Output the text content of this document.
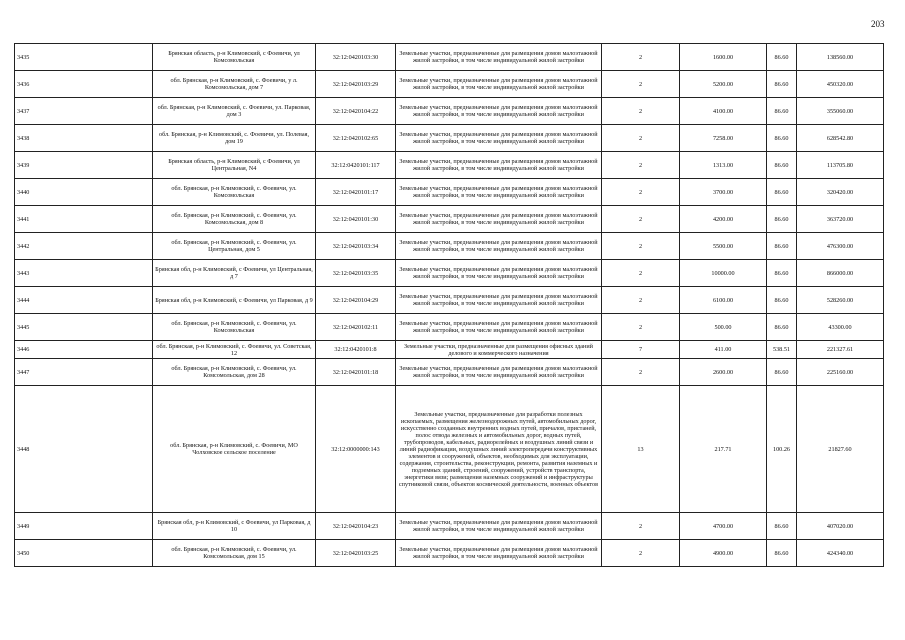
203
3435	Брянская область, р-н Климовский, с Фоевичи, ул Комсомольская	32:12:0420103:30	Земельные участки, предназначенные для размещения домов малоэтажной жилой застройки, в том числе индивидуальной жилой застройки	2	1600.00	86.60	138560.00
3436	обл. Брянская, р-н Климовский, с. Фоевичи, у л. Комсомольская, дом 7	32:12:0420103:29	Земельные участки, предназначенные для размещения домов малоэтажной жилой застройки, в том числе индивидуальной жилой застройки	2	5200.00	86.60	450320.00
3437	обл. Брянская, р-н Климовский, с. Фоевичи, ул. Парковая, дом 3	32:12:0420104:22	Земельные участки, предназначенные для размещения домов малоэтажной жилой застройки, в том числе индивидуальной жилой застройки	2	4100.00	86.60	355060.00
3438	обл. Брянская, р-н Климовский, с. Фоевичи, ул. Полевая, дом 19	32:12:0420102:65	Земельные участки, предназначенные для размещения домов малоэтажной жилой застройки, в том числе индивидуальной жилой застройки	2	7258.00	86.60	628542.80
3439	Брянская область, р-н Климовский, с Фоевичи, ул Центральная, N4	32:12:0420101:117	Земельные участки, предназначенные для размещения домов малоэтажной жилой застройки, в том числе индивидуальной жилой застройки	2	1313.00	86.60	113705.80
3440	обл. Брянская, р-н Климовский, с. Фоевичи, ул. Комсомольская	32:12:0420101:17	Земельные участки, предназначенные для размещения домов малоэтажной жилой застройки, в том числе индивидуальной жилой застройки	2	3700.00	86.60	320420.00
3441	обл. Брянская, р-н Климовский, с. Фоевичи, ул. Комсомольская, дом 8	32:12:0420101:30	Земельные участки, предназначенные для размещения домов малоэтажной жилой застройки, в том числе индивидуальной жилой застройки	2	4200.00	86.60	363720.00
3442	обл. Брянская, р-н Климовский, с. Фоевичи, ул. Центральная, дом 5	32:12:0420103:34	Земельные участки, предназначенные для размещения домов малоэтажной жилой застройки, в том числе индивидуальной жилой застройки	2	5500.00	86.60	476300.00
3443	Брянская обл, р-н Климовский, с Фоевичи, ул Центральная, д 7	32:12:0420103:35	Земельные участки, предназначенные для размещения домов малоэтажной жилой застройки, в том числе индивидуальной жилой застройки	2	10000.00	86.60	866000.00
3444	Брянская обл, р-н Климовский, с Фоевичи, ул Парковая, д 9	32:12:0420104:29	Земельные участки, предназначенные для размещения домов малоэтажной жилой застройки, в том числе индивидуальной жилой застройки	2	6100.00	86.60	528260.00
3445	обл. Брянская, р-н Климовский, с. Фоевичи, ул. Комсомольская	32:12:0420102:11	Земельные участки, предназначенные для размещения домов малоэтажной жилой застройки, в том числе индивидуальной жилой застройки	2	500.00	86.60	43300.00
3446	обл. Брянская, р-н Климовский, с. Фоевичи, ул. Советская, 12	32:12:0420101:8	Земельные участки, предназначенные для размещения офисных зданий делового и коммерческого назначения	7	411.00	538.51	221327.61
3447	обл. Брянская, р-н Климовский, с. Фоевичи, ул. Комсомольская, дом 28	32:12:0420101:18	Земельные участки, предназначенные для размещения домов малоэтажной жилой застройки, в том числе индивидуальной жилой застройки	2	2600.00	86.60	225160.00
3448	обл. Брянская, р-н Климовский, с. Фоевичи, МО Чолховское сельское поселение	32:12:0000000:143	Земельные участки, предназначенные для разработки полезных ископаемых, размещения железнодорожных путей, автомобильных дорог, искусственно созданных внутренних водных путей, причалов, пристаней, полос отвода железных и автомобильных дорог, водных путей, трубопроводов, кабельных, радиорелейных и воздушных линий связи и линий радиофикации, воздушных линий электропередачи конструктивных элементов и сооружений, объектов, необходимых для эксплуатации, содержания, строительства, реконструкции, ремонта, развития наземных и подземных зданий, строений, сооружений, устройств транспорта, энергетики вязи; размещения наземных сооружений и инфраструктуры спутниковой связи, объектов космической деятельности, военных объектов	13	217.71	100.26	21827.60
3449	Брянская обл, р-н Климовский, с Фоевичи, ул Парковая, д 10	32:12:0420104:23	Земельные участки, предназначенные для размещения домов малоэтажной жилой застройки, в том числе индивидуальной жилой застройки	2	4700.00	86.60	407020.00
3450	обл. Брянская, р-н Климовский, с. Фоевичи, ул. Комсомольская, дом 15	32:12:0420103:25	Земельные участки, предназначенные для размещения домов малоэтажной жилой застройки, в том числе индивидуальной жилой застройки	2	4900.00	86.60	424340.00
